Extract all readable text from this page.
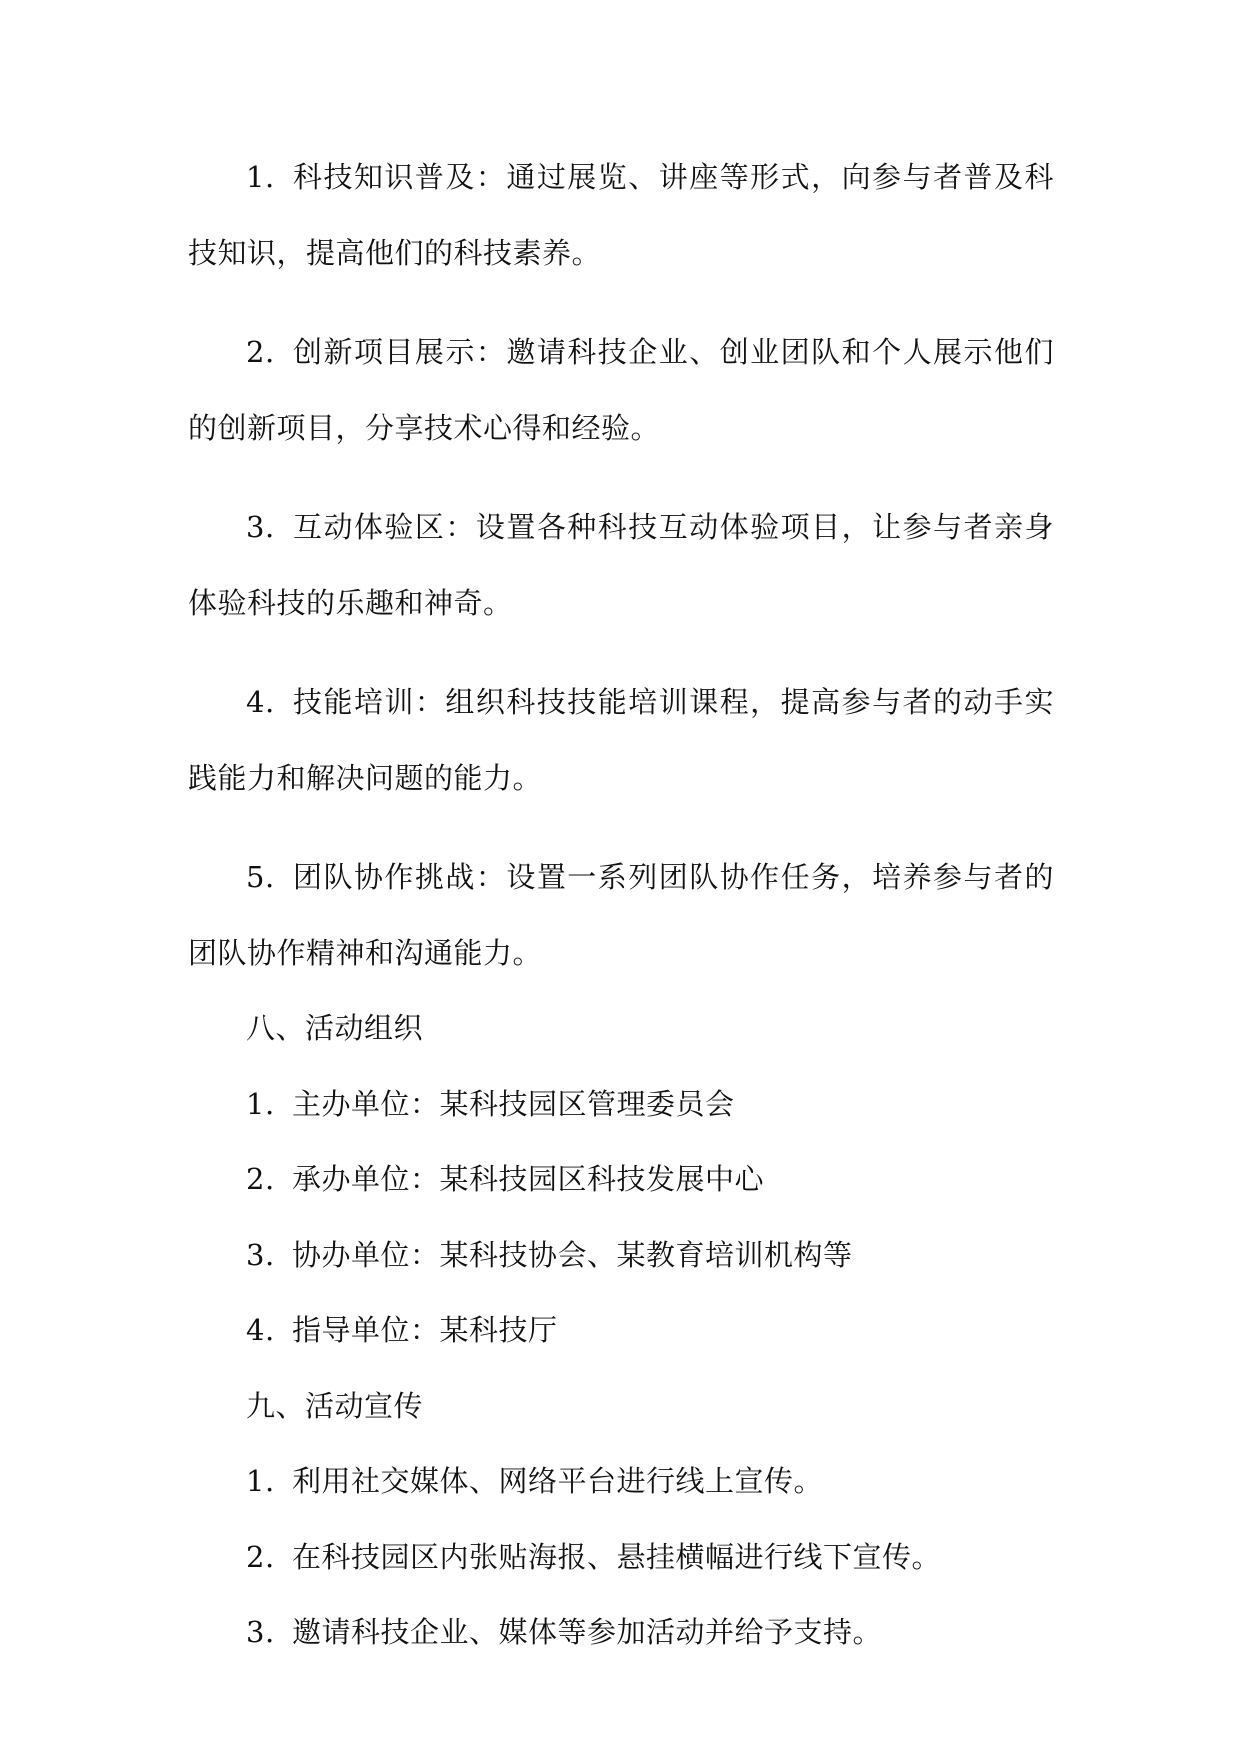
1. 科技知识普及：通过展览、讲座等形式，向参与者普及科技知识，提高他们的科技素养。

2. 创新项目展示：邀请科技企业、创业团队和个人展示他们的创新项目，分享技术心得和经验。

3. 互动体验区：设置各种科技互动体验项目，让参与者亲身体验科技的乐趣和神奇。

4. 技能培训：组织科技技能培训课程，提高参与者的动手实践能力和解决问题的能力。

5. 团队协作挑战：设置一系列团队协作任务，培养参与者的团队协作精神和沟通能力。

八、活动组织

1. 主办单位：某科技园区管理委员会

2. 承办单位：某科技园区科技发展中心

3. 协办单位：某科技协会、某教育培训机构等

4. 指导单位：某科技厅

九、活动宣传

1. 利用社交媒体、网络平台进行线上宣传。

2. 在科技园区内张贴海报、悬挂横幅进行线下宣传。

3. 邀请科技企业、媒体等参加活动并给予支持。
